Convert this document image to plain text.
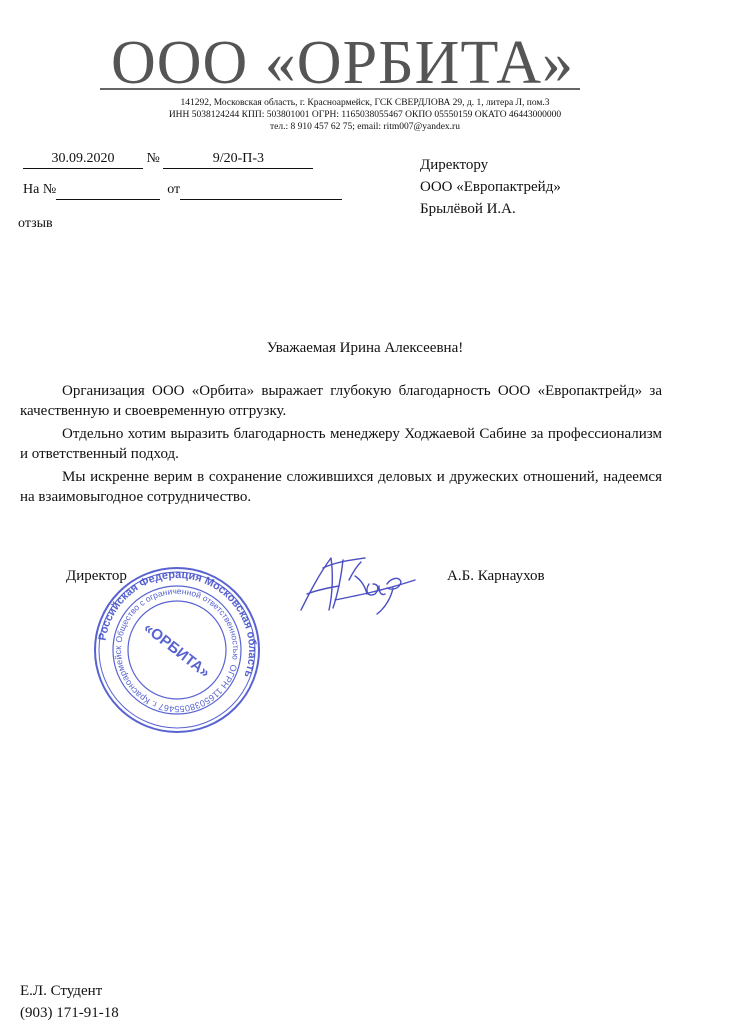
ООО «ОРБИТА»
141292, Московская область, г. Красноармейск, ГСК СВЕРДЛОВА 29, д. 1, литера Л, пом.3
ИНН 5038124244 КПП: 503801001 ОГРН: 1165038055467 ОКПО 05550159 ОКАТО 46443000000
тел.: 8 910 457 62 75; email: ritm007@yandex.ru
30.09.2020 №	9/20-П-3
На №	от
отзыв
Директору
ООО «Европактрейд»
Брылёвой И.А.
Уважаемая Ирина Алексеевна!

Организация ООО «Орбита» выражает глубокую благодарность ООО «Европактрейд» за качественную и своевременную отгрузку.

Отдельно хотим выразить благодарность менеджеру Ходжаевой Сабине за профессионализм и ответственный подход.

Мы искренне верим в сохранение сложившихся деловых и дружеских отношений, надеемся на взаимовыгодное сотрудничество.

Директор	А.Б. Карнаухов
Российская Федерация Московская область
Общество с ограниченной ответственностью
ОГРН 1165038055467 г. Красноармейск	«ОРБИТА»
Е.Л. Студент
(903) 171-91-18
